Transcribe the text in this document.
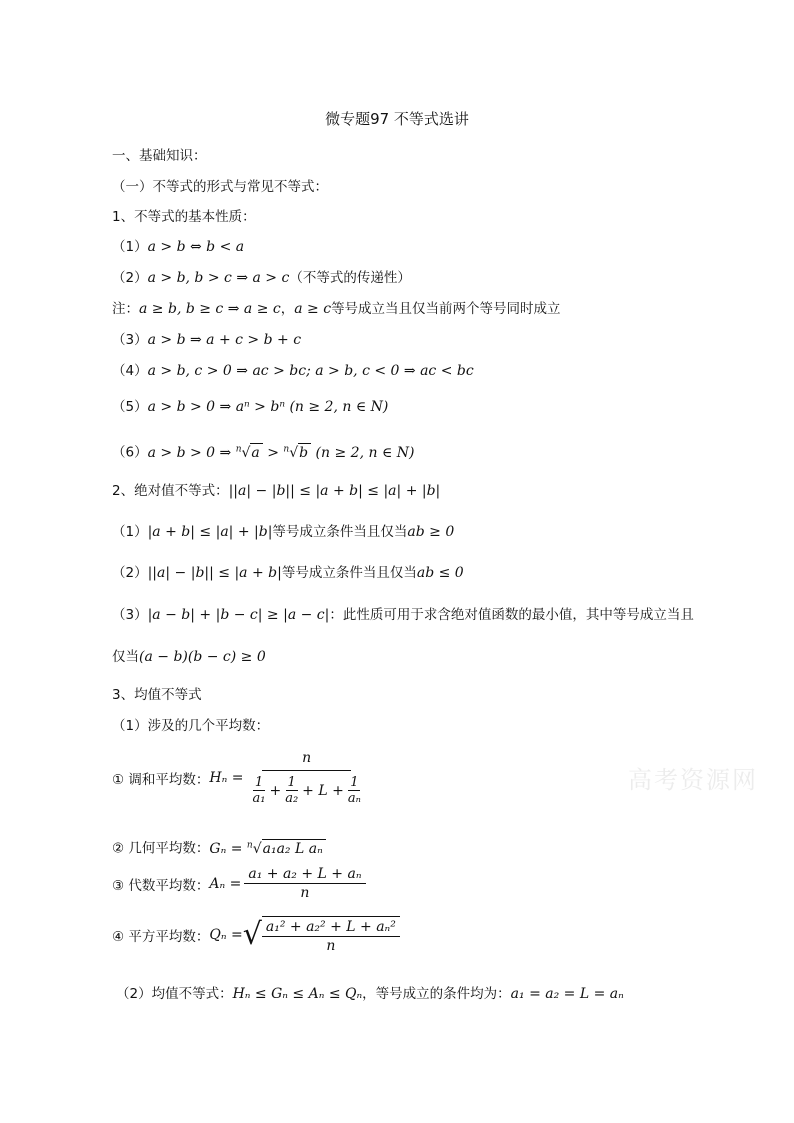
微专题97 不等式选讲
一、基础知识：
（一）不等式的形式与常见不等式：
1、不等式的基本性质：
（1）a > b ⇔ b < a
（2）a > b, b > c ⇒ a > c（不等式的传递性）
注：a ≥ b, b ≥ c ⇒ a ≥ c，a ≥ c等号成立当且仅当前两个等号同时成立
（3）a > b ⇒ a + c > b + c
（4）a > b, c > 0 ⇒ ac > bc; a > b, c < 0 ⇒ ac < bc
（5）a > b > 0 ⇒ aⁿ > bⁿ (n ≥ 2, n ∈ N)
（6）a > b > 0 ⇒ $^n$√a > $^n$√b (n ≥ 2, n ∈ N)
2、绝对值不等式：||a| − |b|| ≤ |a + b| ≤ |a| + |b|
（1）|a + b| ≤ |a| + |b|等号成立条件当且仅当ab ≥ 0
（2）||a| − |b|| ≤ |a + b|等号成立条件当且仅当ab ≤ 0
（3）|a − b| + |b − c| ≥ |a − c|：此性质可用于求含绝对值函数的最小值，其中等号成立当且
仅当(a − b)(b − c) ≥ 0
3、均值不等式
（1）涉及的几个平均数：
① 调和平均数： $H_n = \frac{n}{\frac{1}{\text{a₁}} + \frac{1}{\text{a₂}} + L + \frac{1}{\text{aₙ}}}$
② 几何平均数：Gₙ = $^n$√a₁a₂ L aₙ
③ 代数平均数： $A_n = \frac{\text{a₁ + a₂ + L + aₙ}}{n}$
④ 平方平均数： Qₙ = √ $\frac{\text{a₁² + a₂² + L + aₙ²}}{n}$
（2）均值不等式：Hₙ ≤ Gₙ ≤ Aₙ ≤ Qₙ，等号成立的条件均为：a₁ = a₂ = L = aₙ
高考资源网
